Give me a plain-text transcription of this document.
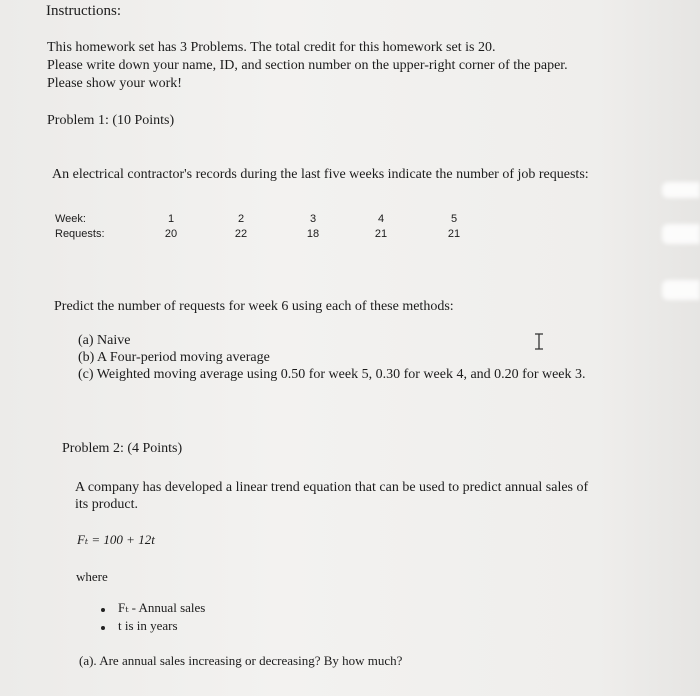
Instructions:
This homework set has 3 Problems. The total credit for this homework set is 20.
Please write down your name, ID, and section number on the upper-right corner of the paper.
Please show your work!
Problem 1: (10 Points)
An electrical contractor's records during the last five weeks indicate the number of job requests:
Week:
Requests:
1
20
2
22
3
18
4
21
5
21
Predict the number of requests for week 6 using each of these methods:
(a) Naive
(b) A Four-period moving average
(c) Weighted moving average using 0.50 for week 5, 0.30 for week 4, and 0.20 for week 3.
Problem 2: (4 Points)
A company has developed a linear trend equation that can be used to predict annual sales of
its product.
Fₜ = 100 + 12t
where
Fₜ - Annual sales
t is in years
(a). Are annual sales increasing or decreasing? By how much?
